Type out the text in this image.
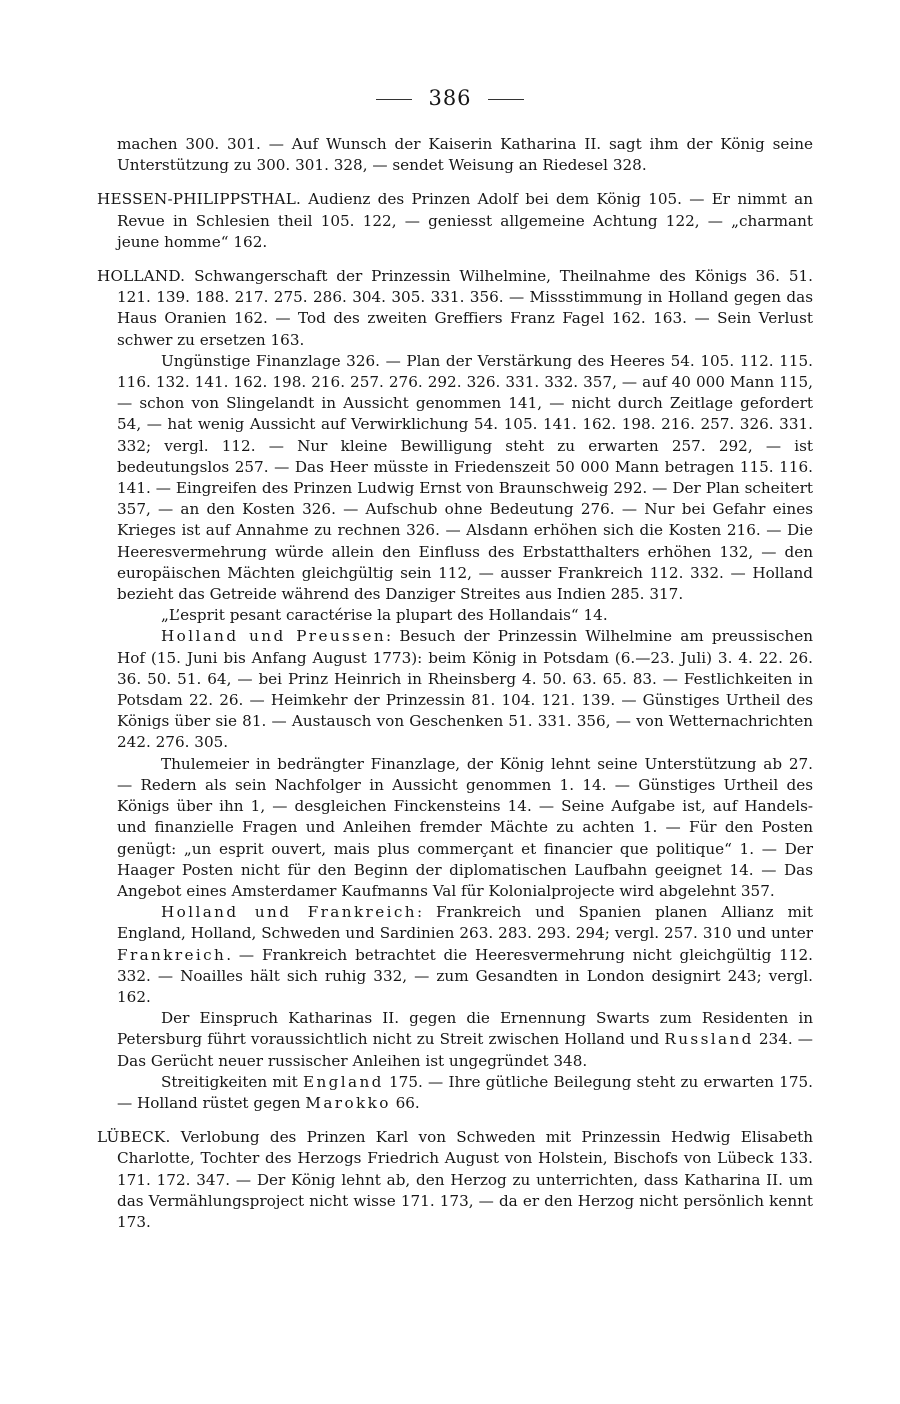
386

machen 300. 301. — Auf Wunsch der Kaiserin Katharina II. sagt ihm der König seine Unterstützung zu 300. 301. 328, — sendet Weisung an Riedesel 328.

HESSEN-PHILIPPSTHAL. Audienz des Prinzen Adolf bei dem König 105. — Er nimmt an Revue in Schlesien theil 105. 122, — geniesst allgemeine Achtung 122, — „charmant jeune homme“ 162.

HOLLAND. Schwangerschaft der Prinzessin Wilhelmine, Theilnahme des Königs 36. 51. 121. 139. 188. 217. 275. 286. 304. 305. 331. 356. — Missstimmung in Holland gegen das Haus Oranien 162. — Tod des zweiten Greffiers Franz Fagel 162. 163. — Sein Verlust schwer zu ersetzen 163.

Ungünstige Finanzlage 326. — Plan der Verstärkung des Heeres 54. 105. 112. 115. 116. 132. 141. 162. 198. 216. 257. 276. 292. 326. 331. 332. 357, — auf 40 000 Mann 115, — schon von Slingelandt in Aussicht genommen 141, — nicht durch Zeitlage gefordert 54, — hat wenig Aussicht auf Verwirklichung 54. 105. 141. 162. 198. 216. 257. 326. 331. 332; vergl. 112. — Nur kleine Bewilligung steht zu erwarten 257. 292, — ist bedeutungslos 257. — Das Heer müsste in Friedenszeit 50 000 Mann betragen 115. 116. 141. — Eingreifen des Prinzen Ludwig Ernst von Braunschweig 292. — Der Plan scheitert 357, — an den Kosten 326. — Aufschub ohne Bedeutung 276. — Nur bei Gefahr eines Krieges ist auf Annahme zu rechnen 326. — Alsdann erhöhen sich die Kosten 216. — Die Heeresvermehrung würde allein den Einfluss des Erbstatthalters erhöhen 132, — den europäischen Mächten gleichgültig sein 112, — ausser Frankreich 112. 332. — Holland bezieht das Getreide während des Danziger Streites aus Indien 285. 317.

„L’esprit pesant caractérise la plupart des Hollandais“ 14.

Holland und Preussen: Besuch der Prinzessin Wilhelmine am preussischen Hof (15. Juni bis Anfang August 1773): beim König in Potsdam (6.—23. Juli) 3. 4. 22. 26. 36. 50. 51. 64, — bei Prinz Heinrich in Rheinsberg 4. 50. 63. 65. 83. — Festlichkeiten in Potsdam 22. 26. — Heimkehr der Prinzessin 81. 104. 121. 139. — Günstiges Urtheil des Königs über sie 81. — Austausch von Geschenken 51. 331. 356, — von Wetternachrichten 242. 276. 305.

Thulemeier in bedrängter Finanzlage, der König lehnt seine Unterstützung ab 27. — Redern als sein Nachfolger in Aussicht genommen 1. 14. — Günstiges Urtheil des Königs über ihn 1, — desgleichen Finckensteins 14. — Seine Aufgabe ist, auf Handels- und finanzielle Fragen und Anleihen fremder Mächte zu achten 1. — Für den Posten genügt: „un esprit ouvert, mais plus commerçant et financier que politique“ 1. — Der Haager Posten nicht für den Beginn der diplomatischen Laufbahn geeignet 14. — Das Angebot eines Amsterdamer Kaufmanns Val für Kolonialprojecte wird abgelehnt 357.

Holland und Frankreich: Frankreich und Spanien planen Allianz mit England, Holland, Schweden und Sardinien 263. 283. 293. 294; vergl. 257. 310 und unter Frankreich. — Frankreich betrachtet die Heeresvermehrung nicht gleichgültig 112. 332. — Noailles hält sich ruhig 332, — zum Gesandten in London designirt 243; vergl. 162.

Der Einspruch Katharinas II. gegen die Ernennung Swarts zum Residenten in Petersburg führt voraussichtlich nicht zu Streit zwischen Holland und Russland 234. — Das Gerücht neuer russischer Anleihen ist ungegründet 348.

Streitigkeiten mit England 175. — Ihre gütliche Beilegung steht zu erwarten 175. — Holland rüstet gegen Marokko 66.

LÜBECK. Verlobung des Prinzen Karl von Schweden mit Prinzessin Hedwig Elisabeth Charlotte, Tochter des Herzogs Friedrich August von Holstein, Bischofs von Lübeck 133. 171. 172. 347. — Der König lehnt ab, den Herzog zu unterrichten, dass Katharina II. um das Vermählungsproject nicht wisse 171. 173, — da er den Herzog nicht persönlich kennt 173.
